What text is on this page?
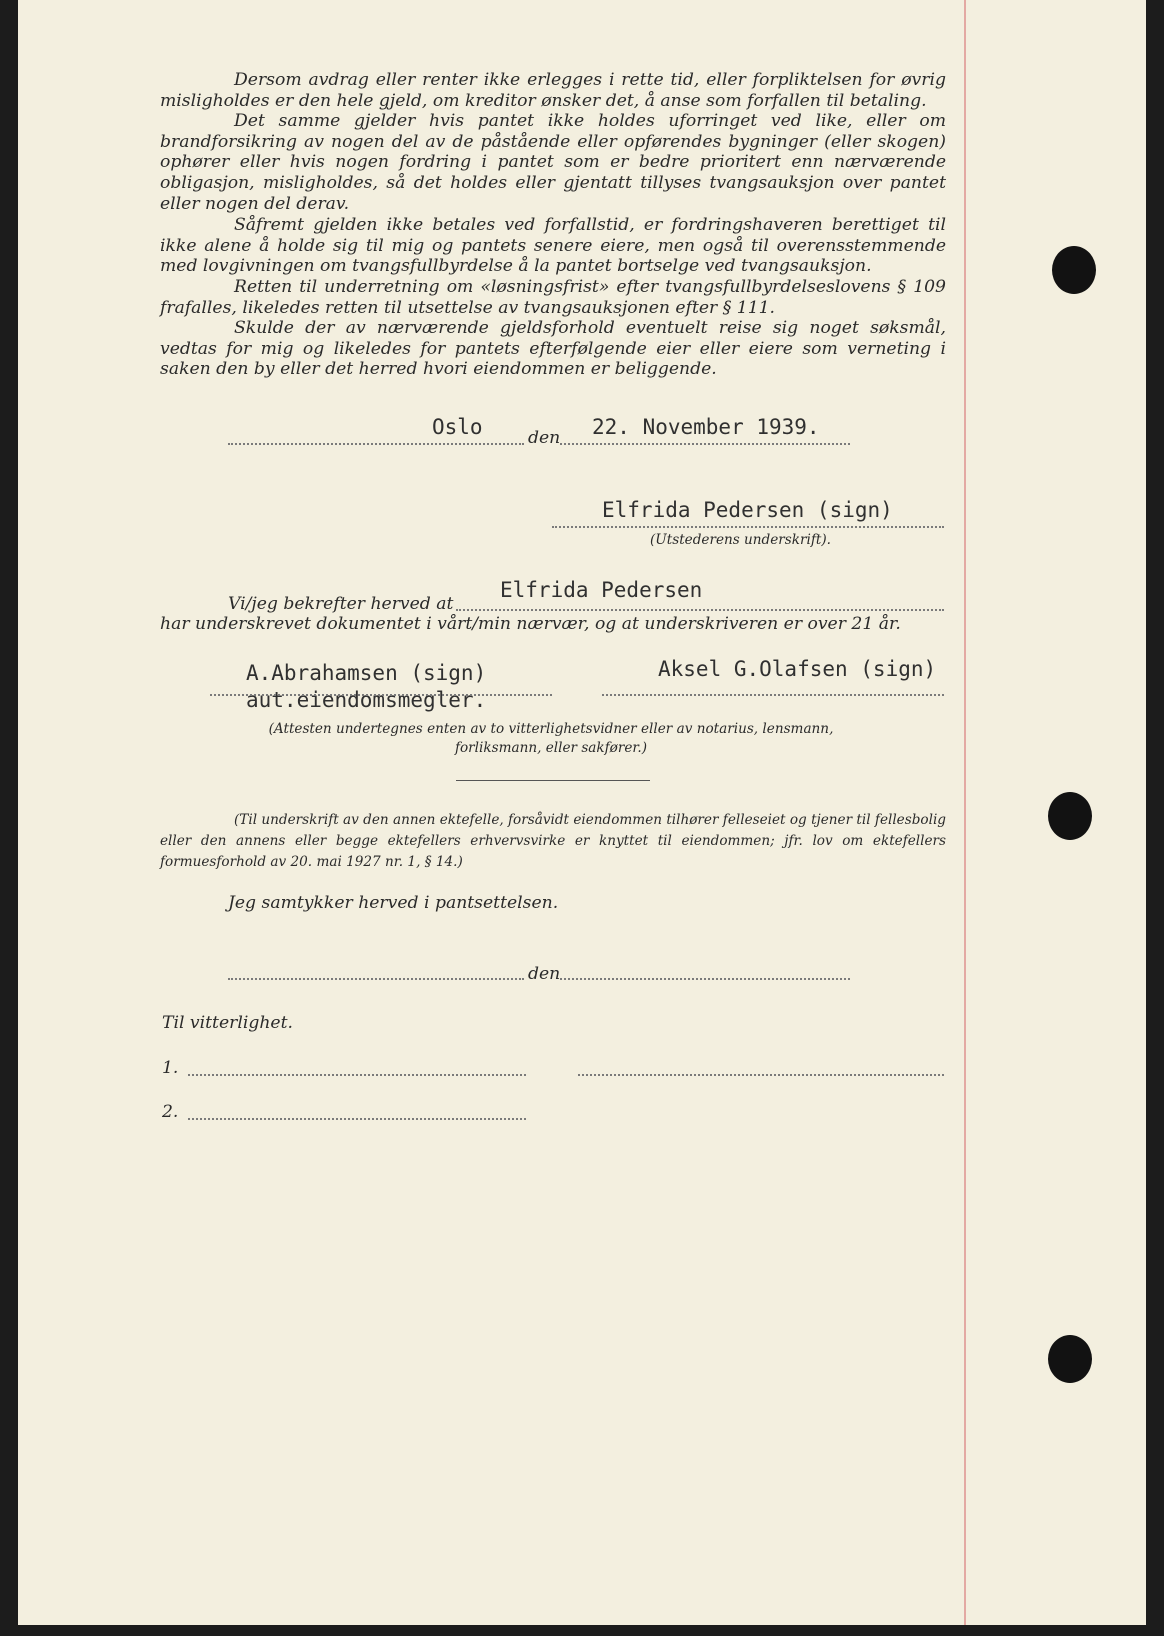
Dersom avdrag eller renter ikke erlegges i rette tid, eller forpliktelsen for øvrig misligholdes er den hele gjeld, om kreditor ønsker det, å anse som forfallen til betaling.

Det samme gjelder hvis pantet ikke holdes uforringet ved like, eller om brandforsikring av nogen del av de påstående eller opførendes bygninger (eller skogen) ophører eller hvis nogen fordring i pantet som er bedre prioritert enn nærværende obligasjon, misligholdes, så det holdes eller gjentatt tillyses tvangsauksjon over pantet eller nogen del derav.

Såfremt gjelden ikke betales ved forfallstid, er fordringshaveren berettiget til ikke alene å holde sig til mig og pantets senere eiere, men også til overensstemmende med lovgivningen om tvangsfullbyrdelse å la pantet bortselge ved tvangsauksjon.

Retten til underretning om «løsningsfrist» efter tvangsfullbyrdelseslovens § 109 frafalles, likeledes retten til utsettelse av tvangsauksjonen efter § 111.

Skulde der av nærværende gjeldsforhold eventuelt reise sig noget søksmål, vedtas for mig og likeledes for pantets efterfølgende eier eller eiere som verneting i saken den by eller det herred hvori eiendommen er beliggende.

Oslo	den 22. November 1939.
Elfrida Pedersen (sign)
(Utstederens underskrift).
Vi/jeg bekrefter herved at
Elfrida Pedersen
har underskrevet dokumentet i vårt/min nærvær, og at underskriveren er over 21 år.
A.Abrahamsen (sign)
aut.eiendomsmegler.
Aksel G.Olafsen (sign)

(Attesten undertegnes enten av to vitterlighetsvidner eller av notarius, lensmann, forliksmann, eller sakfører.)

(Til underskrift av den annen ektefelle, forsåvidt eiendommen tilhører felleseiet og tjener til fellesbolig eller den annens eller begge ektefellers erhvervsvirke er knyttet til eiendommen; jfr. lov om ektefellers formuesforhold av 20. mai 1927 nr. 1, § 14.)

Jeg samtykker herved i pantsettelsen.
den
Til vitterlighet.
1.
2.
